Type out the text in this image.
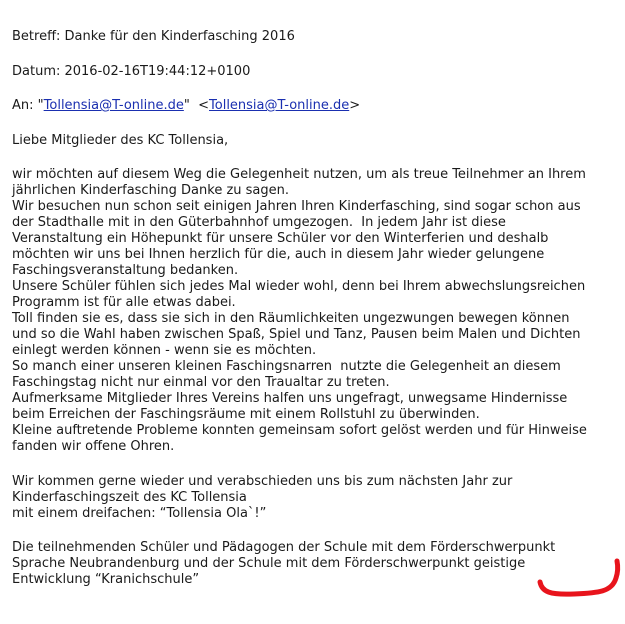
Betreff: Danke für den Kinderfasching 2016
Datum: 2016-02-16T19:44:12+0100
An: "Tollensia@T-online.de" <Tollensia@T-online.de>
Liebe Mitglieder des KC Tollensia,
wir möchten auf diesem Weg die Gelegenheit nutzen, um als treue Teilnehmer an Ihrem
jährlichen Kinderfasching Danke zu sagen.
Wir besuchen nun schon seit einigen Jahren Ihren Kinderfasching, sind sogar schon aus
der Stadthalle mit in den Güterbahnhof umgezogen.  In jedem Jahr ist diese
Veranstaltung ein Höhepunkt für unsere Schüler vor den Winterferien und deshalb
möchten wir uns bei Ihnen herzlich für die, auch in diesem Jahr wieder gelungene
Faschingsveranstaltung bedanken.
Unsere Schüler fühlen sich jedes Mal wieder wohl, denn bei Ihrem abwechslungsreichen
Programm ist für alle etwas dabei.
Toll finden sie es, dass sie sich in den Räumlichkeiten ungezwungen bewegen können
und so die Wahl haben zwischen Spaß, Spiel und Tanz, Pausen beim Malen und Dichten
einlegt werden können - wenn sie es möchten.
So manch einer unseren kleinen Faschingsnarren  nutzte die Gelegenheit an diesem
Faschingstag nicht nur einmal vor den Traualtar zu treten.
Aufmerksame Mitglieder Ihres Vereins halfen uns ungefragt, unwegsame Hindernisse
beim Erreichen der Faschingsräume mit einem Rollstuhl zu überwinden.
Kleine auftretende Probleme konnten gemeinsam sofort gelöst werden und für Hinweise
fanden wir offene Ohren.
Wir kommen gerne wieder und verabschieden uns bis zum nächsten Jahr zur
Kinderfaschingszeit des KC Tollensia
mit einem dreifachen: “Tollensia Ola`!”
Die teilnehmenden Schüler und Pädagogen der Schule mit dem Förderschwerpunkt
Sprache Neubrandenburg und der Schule mit dem Förderschwerpunkt geistige
Entwicklung “Kranichschule”
